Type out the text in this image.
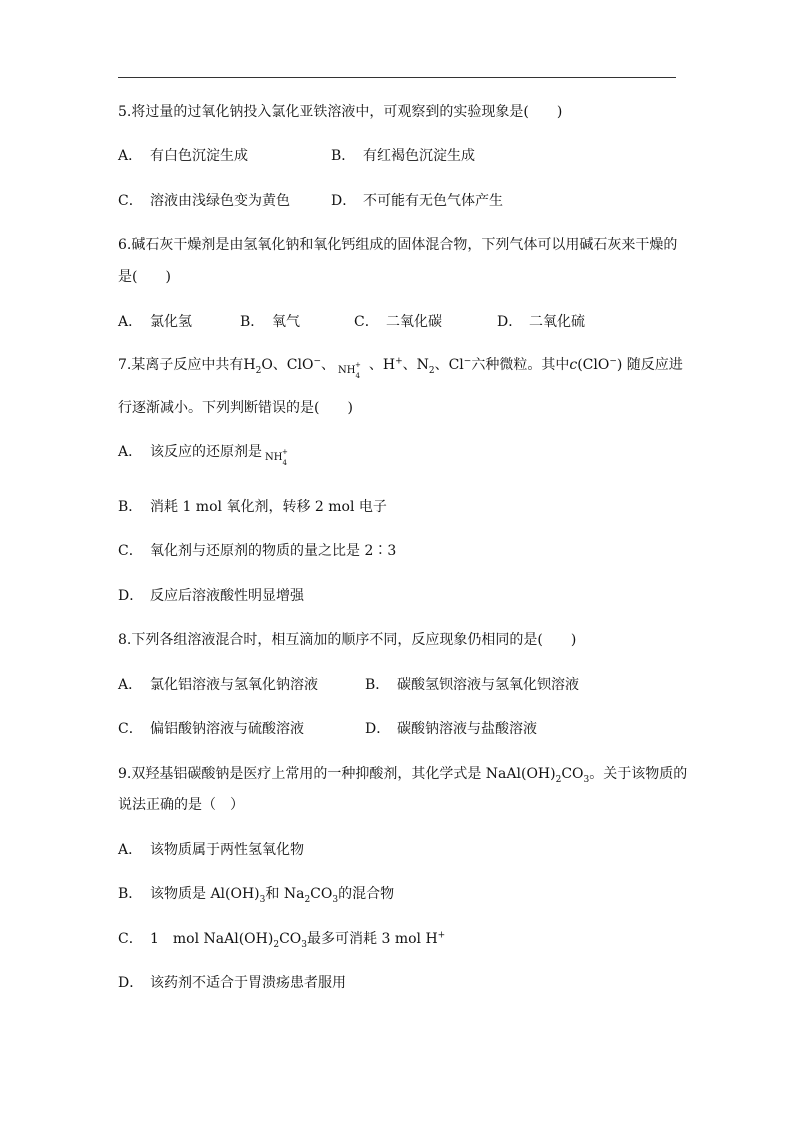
5.将过量的过氧化钠投入氯化亚铁溶液中，可观察到的实验现象是(　　)
A． 有白色沉淀生成	B． 有红褐色沉淀生成
C． 溶液由浅绿色变为黄色	D． 不可能有无色气体产生
6.碱石灰干燥剂是由氢氧化钠和氧化钙组成的固体混合物，下列气体可以用碱石灰来干燥的
是(　　)
A． 氯化氢	B． 氧气	C． 二氧化碳	D． 二氧化硫
7.某离子反应中共有$H_2O$、ClO−、 $NH_4^+$ 、H+、$N_2$、Cl−六种微粒。其中c(ClO−) 随反应进
行逐渐减小。下列判断错误的是(　　)
A． 该反应的还原剂是 $NH_4^+$
B． 消耗 1 mol 氧化剂，转移 2 mol 电子
C． 氧化剂与还原剂的物质的量之比是 2∶3
D． 反应后溶液酸性明显增强
8.下列各组溶液混合时，相互滴加的顺序不同，反应现象仍相同的是(　　)
A． 氯化铝溶液与氢氧化钠溶液	B． 碳酸氢钡溶液与氢氧化钡溶液
C． 偏铝酸钠溶液与硫酸溶液	D． 碳酸钠溶液与盐酸溶液
9.双羟基铝碳酸钠是医疗上常用的一种抑酸剂，其化学式是 $NaAl(OH)_2CO_3$。关于该物质的
说法正确的是（　）
A． 该物质属于两性氢氧化物
B． 该物质是 $Al(OH)_3$和 $Na_2CO_3$的混合物
C． 1　mol $NaAl(OH)_2CO_3$最多可消耗 3 mol H+
D． 该药剂不适合于胃溃疡患者服用
